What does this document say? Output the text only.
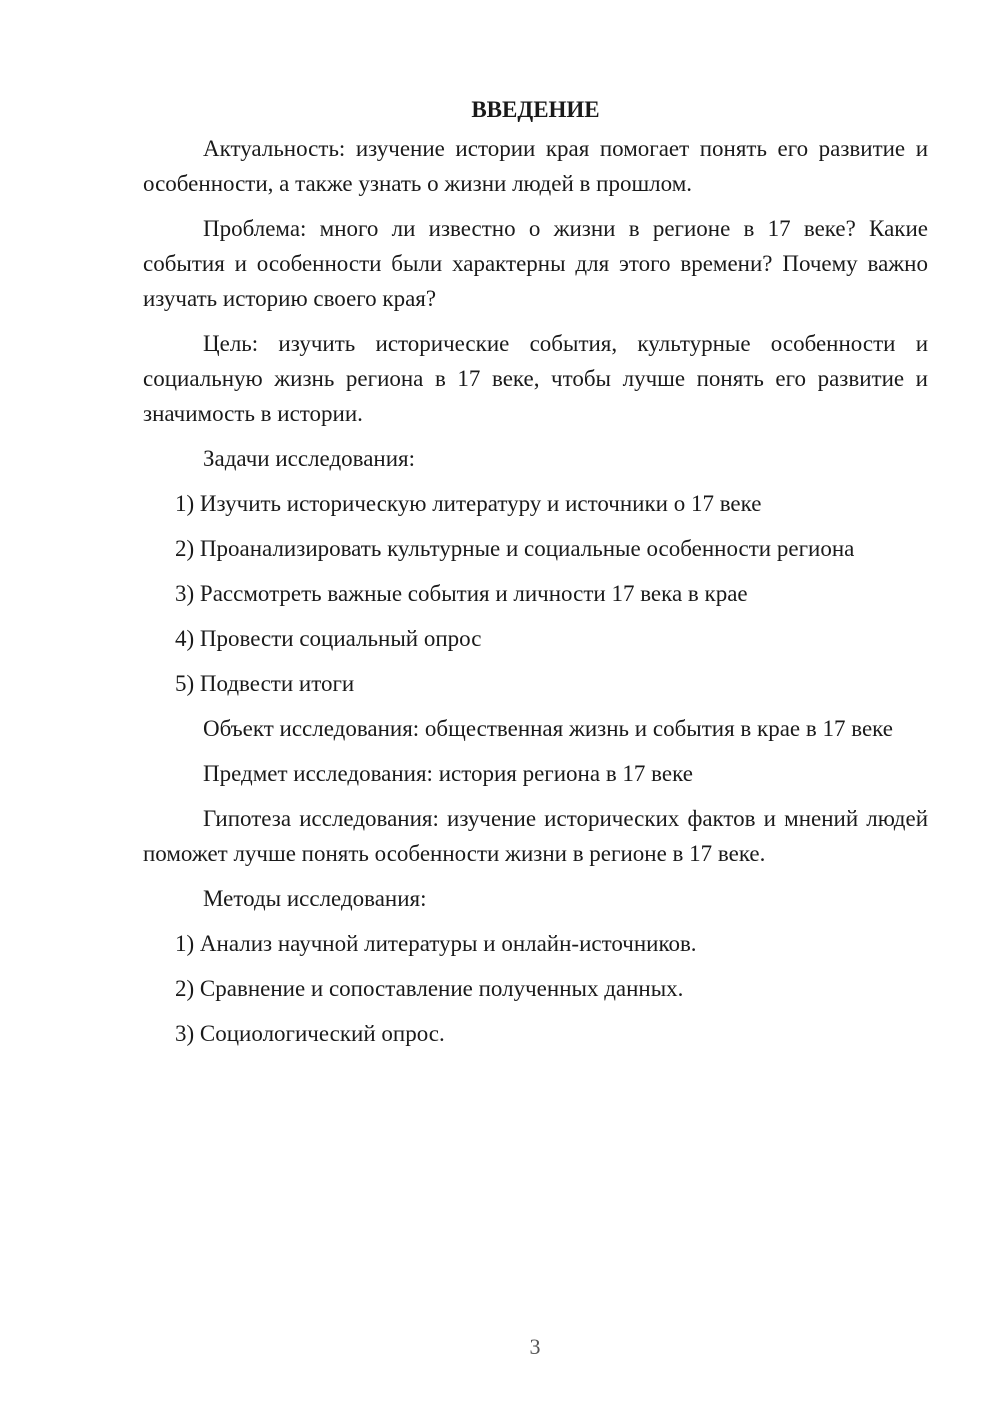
ВВЕДЕНИЕ

Актуальность: изучение истории края помогает понять его развитие и особенности, а также узнать о жизни людей в прошлом.

Проблема: много ли известно о жизни в регионе в 17 веке? Какие события и особенности были характерны для этого времени? Почему важно изучать историю своего края?

Цель: изучить исторические события, культурные особенности и социальную жизнь региона в 17 веке, чтобы лучше понять его развитие и значимость в истории.

Задачи исследования:

1) Изучить историческую литературу и источники о 17 веке
2) Проанализировать культурные и социальные особенности региона
3) Рассмотреть важные события и личности 17 века в крае
4) Провести социальный опрос
5) Подвести итоги

Объект исследования: общественная жизнь и события в крае в 17 веке

Предмет исследования: история региона в 17 веке

Гипотеза исследования: изучение исторических фактов и мнений людей поможет лучше понять особенности жизни в регионе в 17 веке.

Методы исследования:

1) Анализ научной литературы и онлайн-источников.
2) Сравнение и сопоставление полученных данных.
3) Социологический опрос.
3
